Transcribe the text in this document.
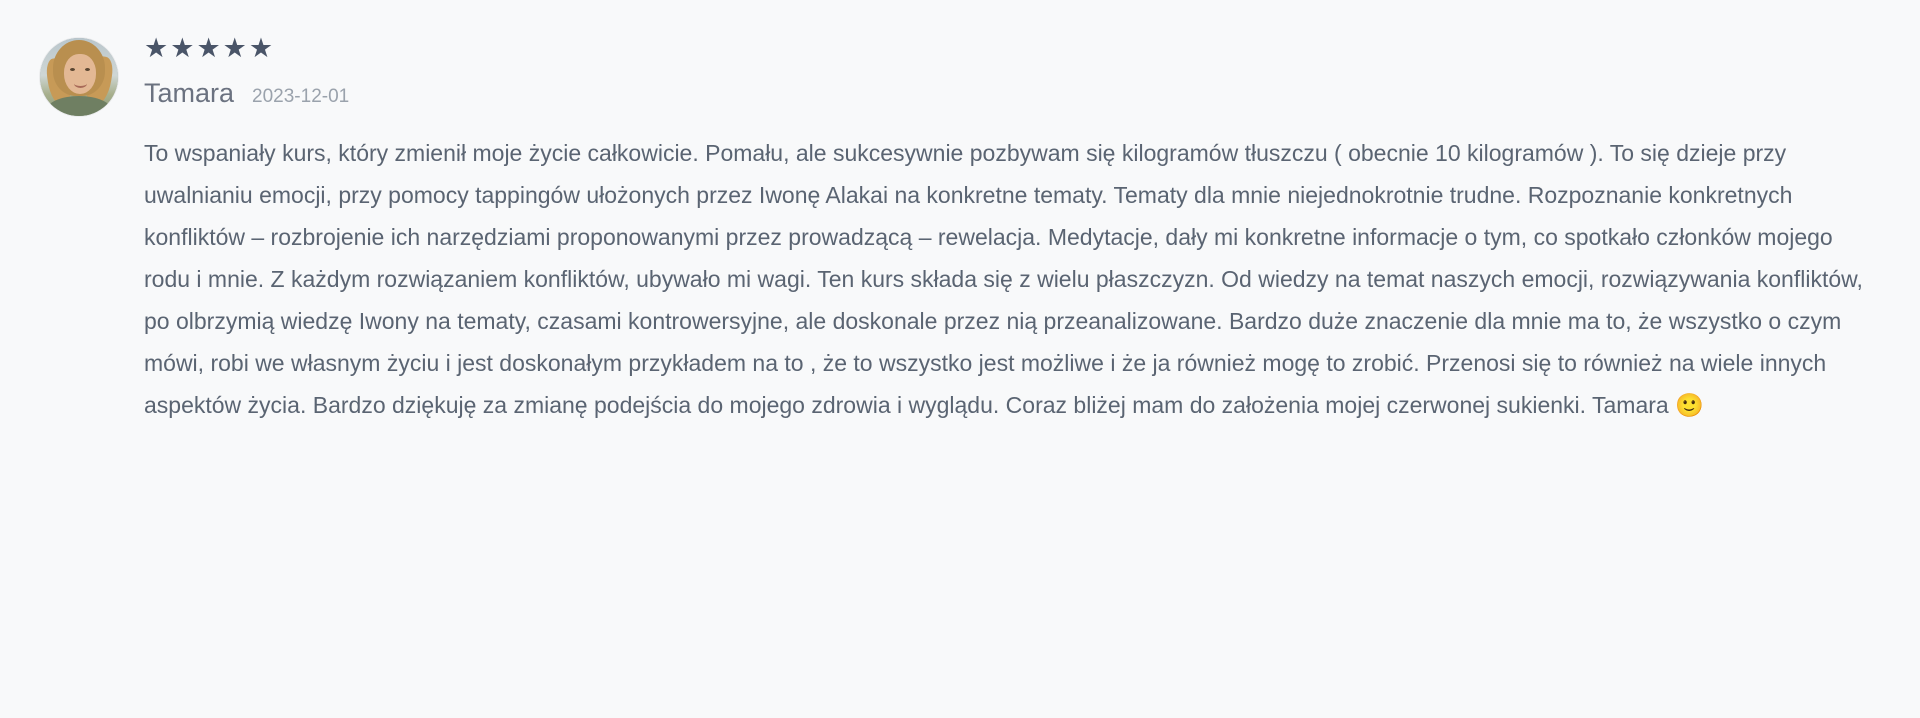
★★★★★
Tamara 2023-12-01
To wspaniały kurs, który zmienił moje życie całkowicie. Pomału, ale sukcesywnie pozbywam się kilogramów tłuszczu ( obecnie 10 kilogramów ). To się dzieje przy uwalnianiu emocji, przy pomocy tappingów ułożonych przez Iwonę Alakai na konkretne tematy. Tematy dla mnie niejednokrotnie trudne. Rozpoznanie konkretnych konfliktów – rozbrojenie ich narzędziami proponowanymi przez prowadzącą – rewelacja. Medytacje, dały mi konkretne informacje o tym, co spotkało członków mojego rodu i mnie. Z każdym rozwiązaniem konfliktów, ubywało mi wagi. Ten kurs składa się z wielu płaszczyzn. Od wiedzy na temat naszych emocji, rozwiązywania konfliktów, po olbrzymią wiedzę Iwony na tematy, czasami kontrowersyjne, ale doskonale przez nią przeanalizowane. Bardzo duże znaczenie dla mnie ma to, że wszystko o czym mówi, robi we własnym życiu i jest doskonałym przykładem na to , że to wszystko jest możliwe i że ja również mogę to zrobić. Przenosi się to również na wiele innych aspektów życia. Bardzo dziękuję za zmianę podejścia do mojego zdrowia i wyglądu. Coraz bliżej mam do założenia mojej czerwonej sukienki. Tamara 🙂
